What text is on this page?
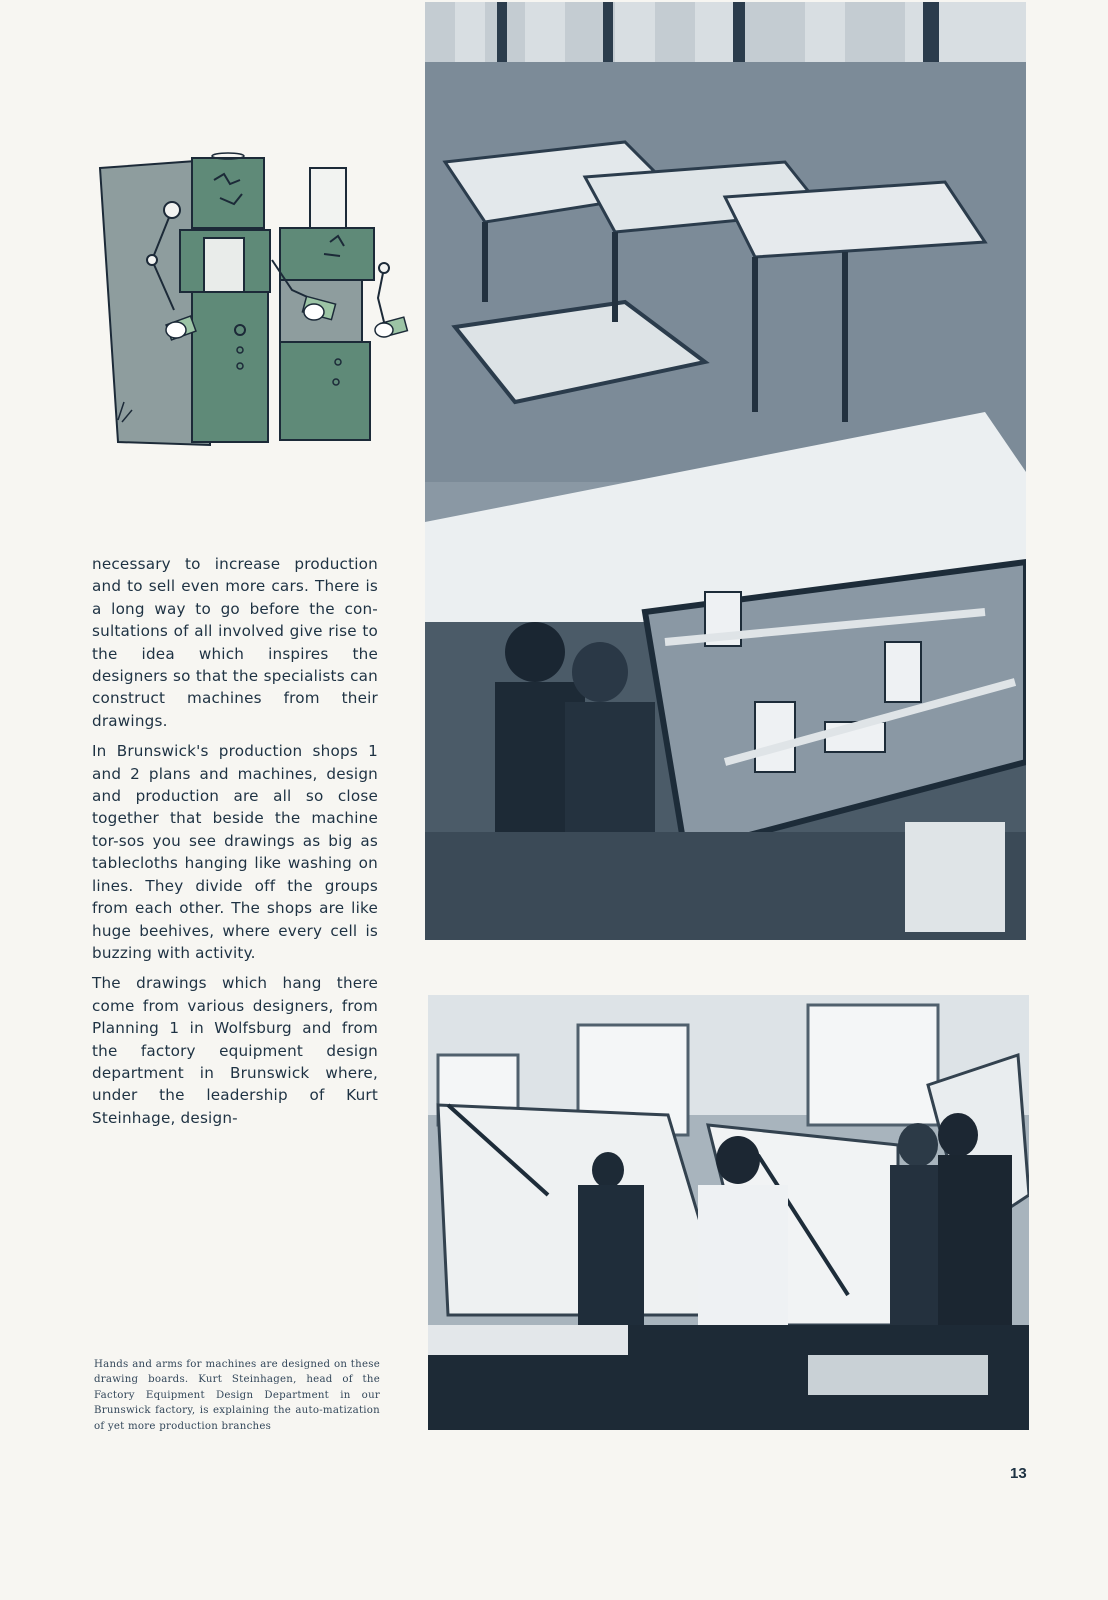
necessary to increase production and to sell even more cars. There is a long way to go before the con-sultations of all involved give rise to the idea which inspires the designers so that the specialists can construct machines from their drawings.

In Brunswick's production shops 1 and 2 plans and machines, design and production are all so close together that beside the machine tor-sos you see drawings as big as tablecloths hanging like washing on lines. They divide off the groups from each other. The shops are like huge beehives, where every cell is buzzing with activity.

The drawings which hang there come from various designers, from Planning 1 in Wolfsburg and from the factory equipment design department in Brunswick where, under the leadership of Kurt Steinhage, design-

Hands and arms for machines are designed on these drawing boards. Kurt Steinhagen, head of the Factory Equipment Design Department in our Brunswick factory, is explaining the auto-matization of yet more production branches
13
